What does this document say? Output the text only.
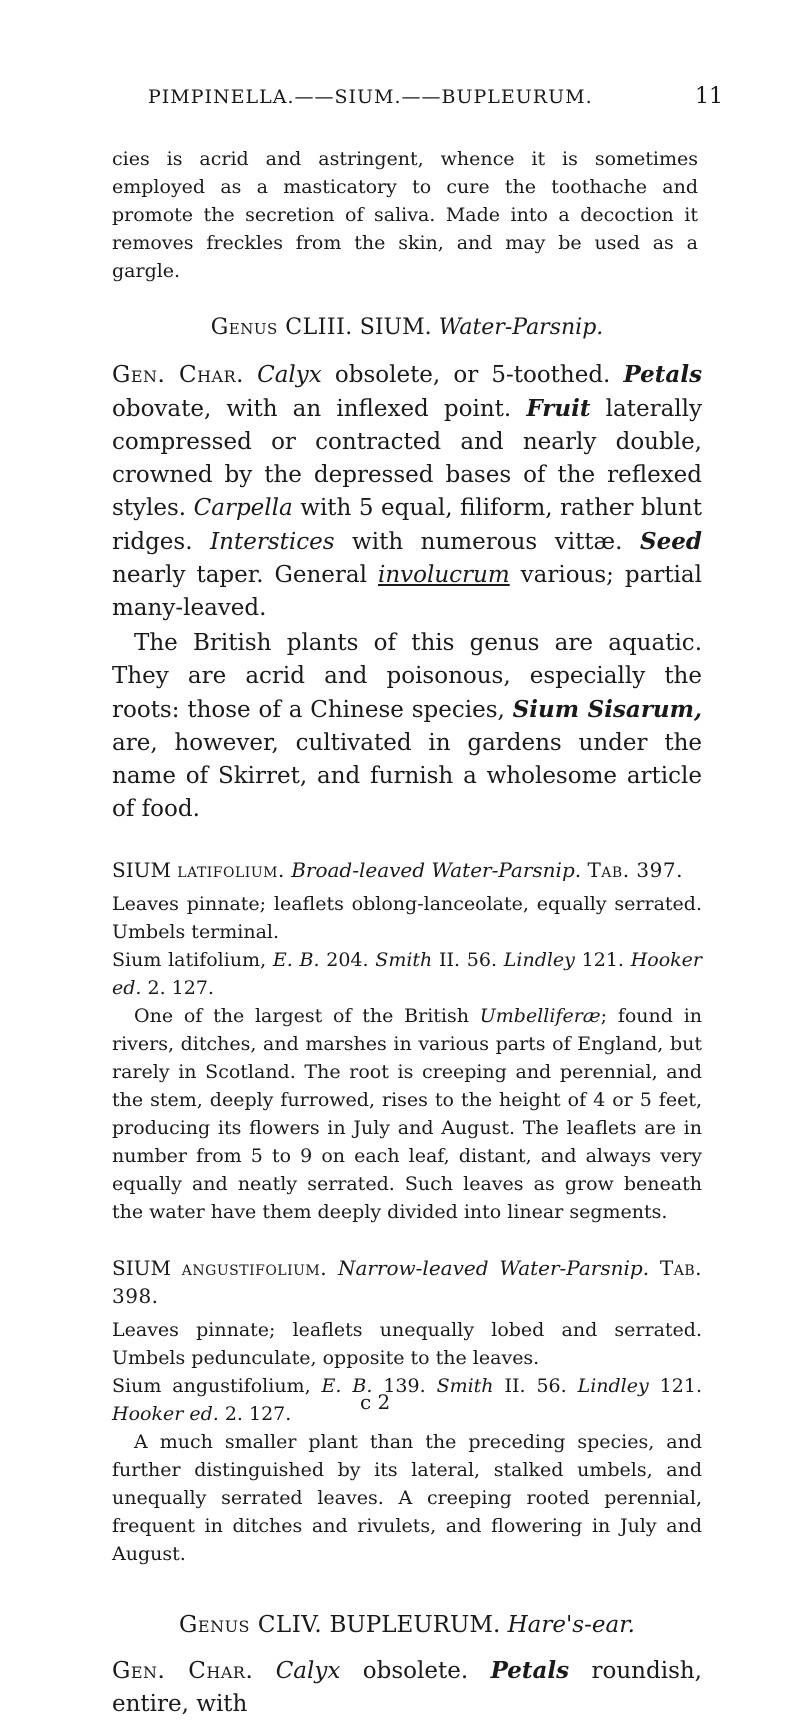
PIMPINELLA.——SIUM.——BUPLEURUM.	11

cies is acrid and astringent, whence it is sometimes employed as a masticatory to cure the toothache and promote the secretion of saliva. Made into a decoction it removes freckles from the skin, and may be used as a gargle.

Genus CLIII. SIUM. Water-Parsnip.

Gen. Char. Calyx obsolete, or 5-toothed. Petals obovate, with an inflexed point. Fruit laterally compressed or contracted and nearly double, crowned by the depressed bases of the reflexed styles. Carpella with 5 equal, filiform, rather blunt ridges. Interstices with numerous vittæ. Seed nearly taper. General involucrum various; partial many-leaved.

The British plants of this genus are aquatic. They are acrid and poisonous, especially the roots: those of a Chinese species, Sium Sisarum, are, however, cultivated in gardens under the name of Skirret, and furnish a wholesome article of food.

SIUM latifolium. Broad-leaved Water-Parsnip. Tab. 397.

Leaves pinnate; leaflets oblong-lanceolate, equally serrated. Umbels terminal.

Sium latifolium, E. B. 204. Smith II. 56. Lindley 121. Hooker ed. 2. 127.

One of the largest of the British Umbelliferæ; found in rivers, ditches, and marshes in various parts of England, but rarely in Scotland. The root is creeping and perennial, and the stem, deeply furrowed, rises to the height of 4 or 5 feet, producing its flowers in July and August. The leaflets are in number from 5 to 9 on each leaf, distant, and always very equally and neatly serrated. Such leaves as grow beneath the water have them deeply divided into linear segments.

SIUM angustifolium. Narrow-leaved Water-Parsnip. Tab. 398.

Leaves pinnate; leaflets unequally lobed and serrated. Umbels pedunculate, opposite to the leaves.

Sium angustifolium, E. B. 139. Smith II. 56. Lindley 121. Hooker ed. 2. 127.

A much smaller plant than the preceding species, and further distinguished by its lateral, stalked umbels, and unequally serrated leaves. A creeping rooted perennial, frequent in ditches and rivulets, and flowering in July and August.

Genus CLIV. BUPLEURUM. Hare's-ear.

Gen. Char. Calyx obsolete. Petals roundish, entire, with

c 2
